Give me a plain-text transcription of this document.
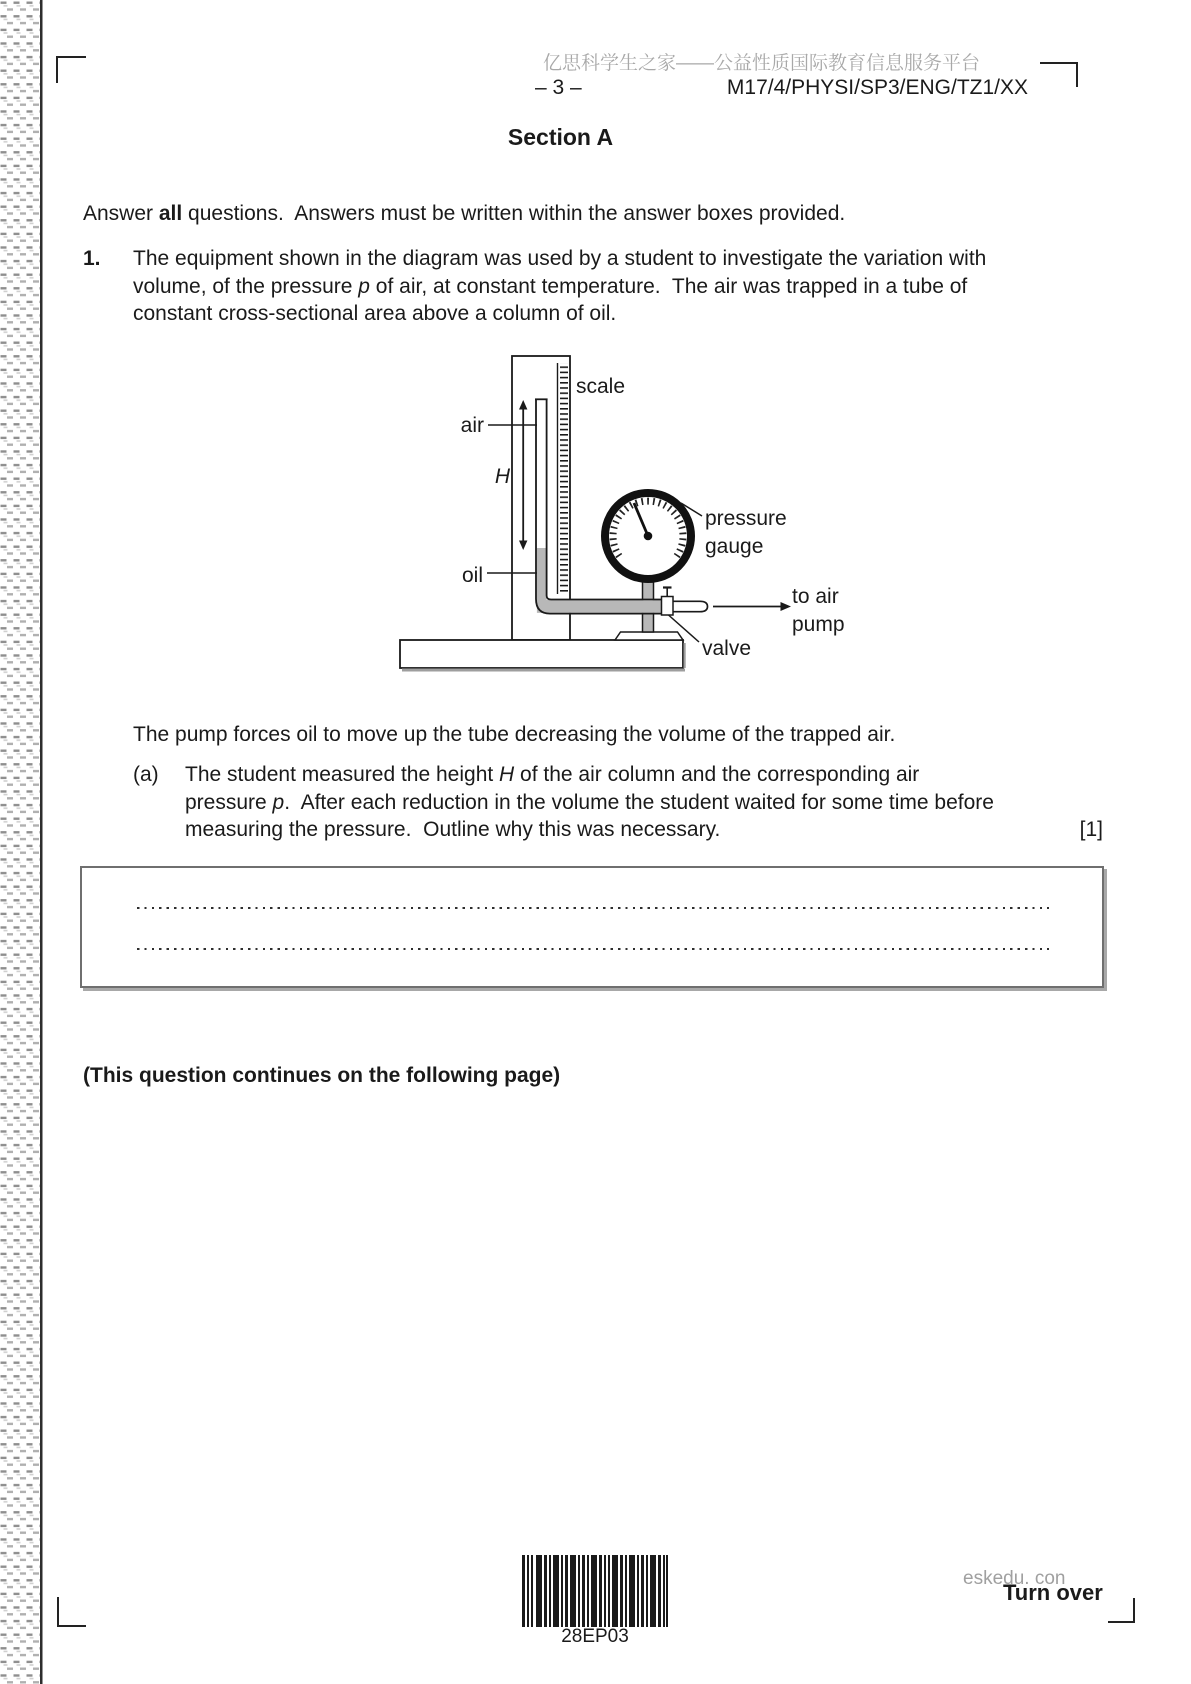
亿思科学生之家——公益性质国际教育信息服务平台
– 3 –	M17/4/PHYSI/SP3/ENG/TZ1/XX
Section A
Answer all questions.  Answers must be written within the answer boxes provided.
1. The equipment shown in the diagram was used by a student to investigate the variation with
volume, of the pressure p of air, at constant temperature.  The air was trapped in a tube of
constant cross-sectional area above a column of oil.
scale
air
H
oil
pressure
gauge
to air
pump
valve
The pump forces oil to move up the tube decreasing the volume of the trapped air.
(a) The student measured the height H of the air column and the corresponding air
pressure p.  After each reduction in the volume the student waited for some time before
measuring the pressure.  Outline why this was necessary.	[1]
(This question continues on the following page)
28EP03
eskedu. con
Turn over
